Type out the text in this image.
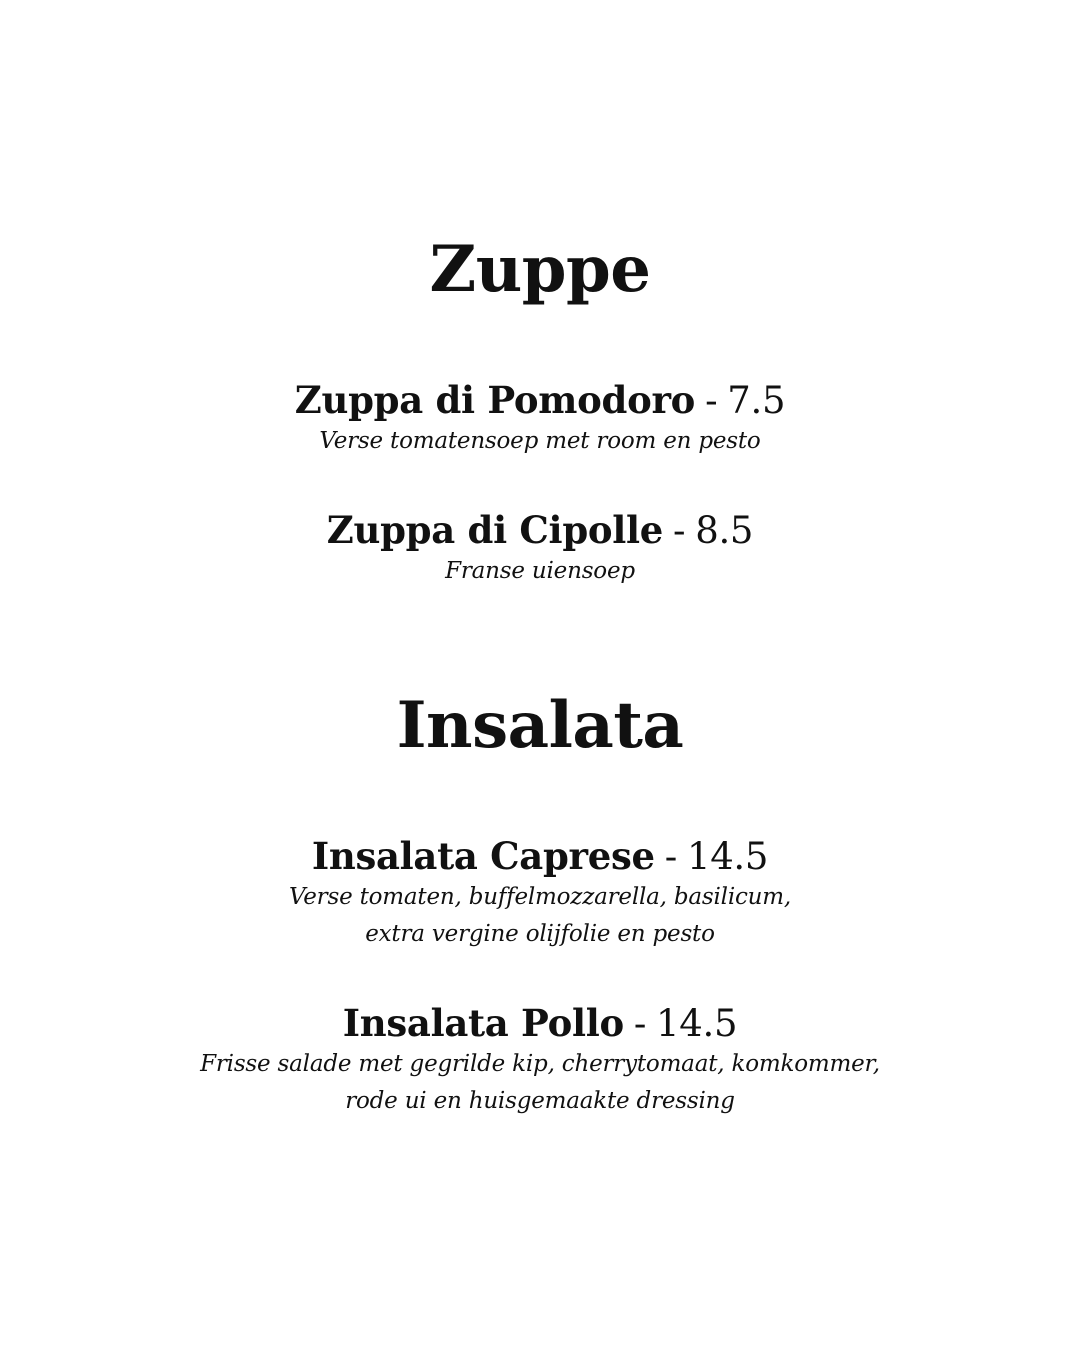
Zuppe
Zuppa di Pomodoro - 7.5
Verse tomatensoep met room en pesto
Zuppa di Cipolle - 8.5
Franse uiensoep
Insalata
Insalata Caprese - 14.5
Verse tomaten, buffelmozzarella, basilicum,
extra vergine olijfolie en pesto
Insalata Pollo - 14.5
Frisse salade met gegrilde kip, cherrytomaat, komkommer,
rode ui en huisgemaakte dressing
